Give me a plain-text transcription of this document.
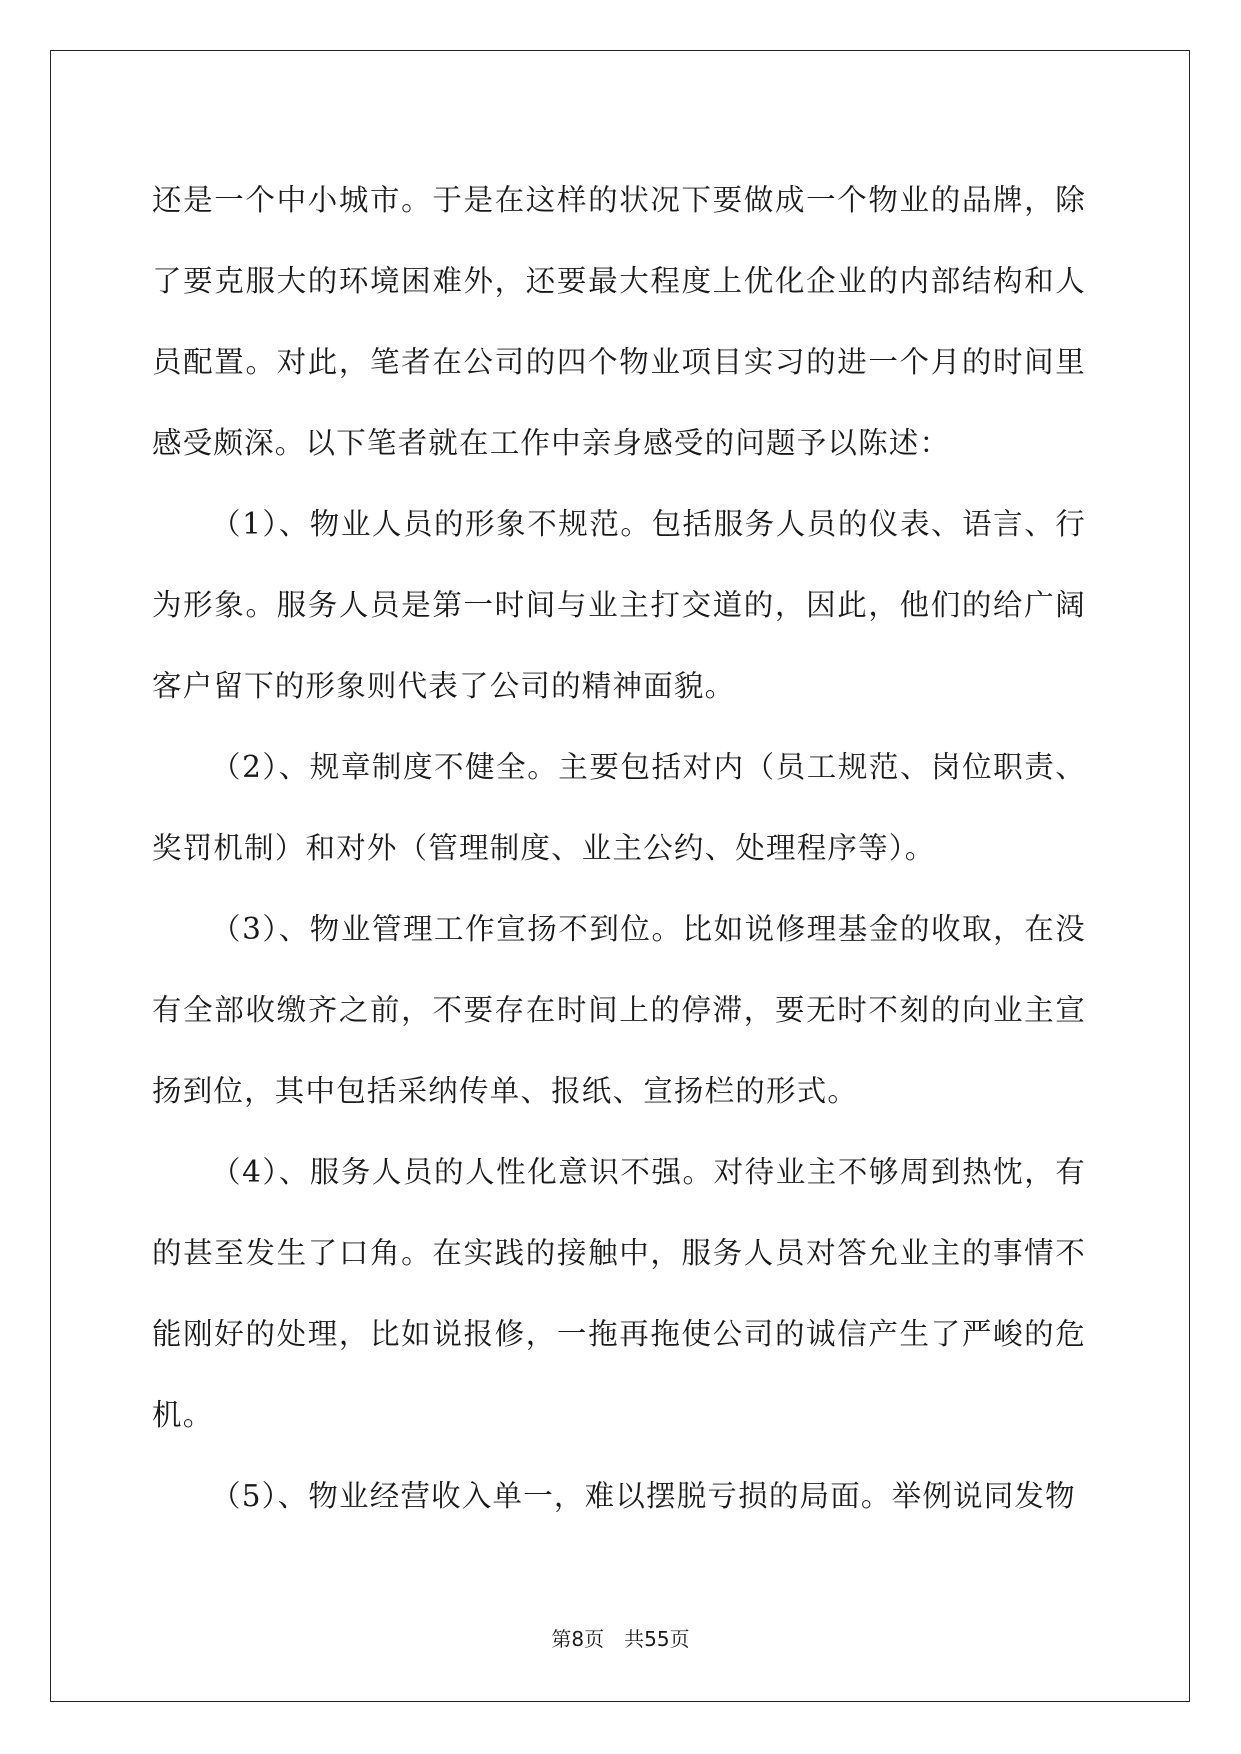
还是一个中小城市。于是在这样的状况下要做成一个物业的品牌，除了要克服大的环境困难外，还要最大程度上优化企业的内部结构和人员配置。对此，笔者在公司的四个物业项目实习的进一个月的时间里感受颇深。以下笔者就在工作中亲身感受的问题予以陈述：

（1）、物业人员的形象不规范。包括服务人员的仪表、语言、行为形象。服务人员是第一时间与业主打交道的，因此，他们的给广阔客户留下的形象则代表了公司的精神面貌。

（2）、规章制度不健全。主要包括对内（员工规范、岗位职责、奖罚机制）和对外（管理制度、业主公约、处理程序等）。

（3）、物业管理工作宣扬不到位。比如说修理基金的收取，在没有全部收缴齐之前，不要存在时间上的停滞，要无时不刻的向业主宣扬到位，其中包括采纳传单、报纸、宣扬栏的形式。

（4）、服务人员的人性化意识不强。对待业主不够周到热忱，有的甚至发生了口角。在实践的接触中，服务人员对答允业主的事情不能刚好的处理，比如说报修，一拖再拖使公司的诚信产生了严峻的危机。

（5）、物业经营收入单一，难以摆脱亏损的局面。举例说同发物

第8页 共55页
